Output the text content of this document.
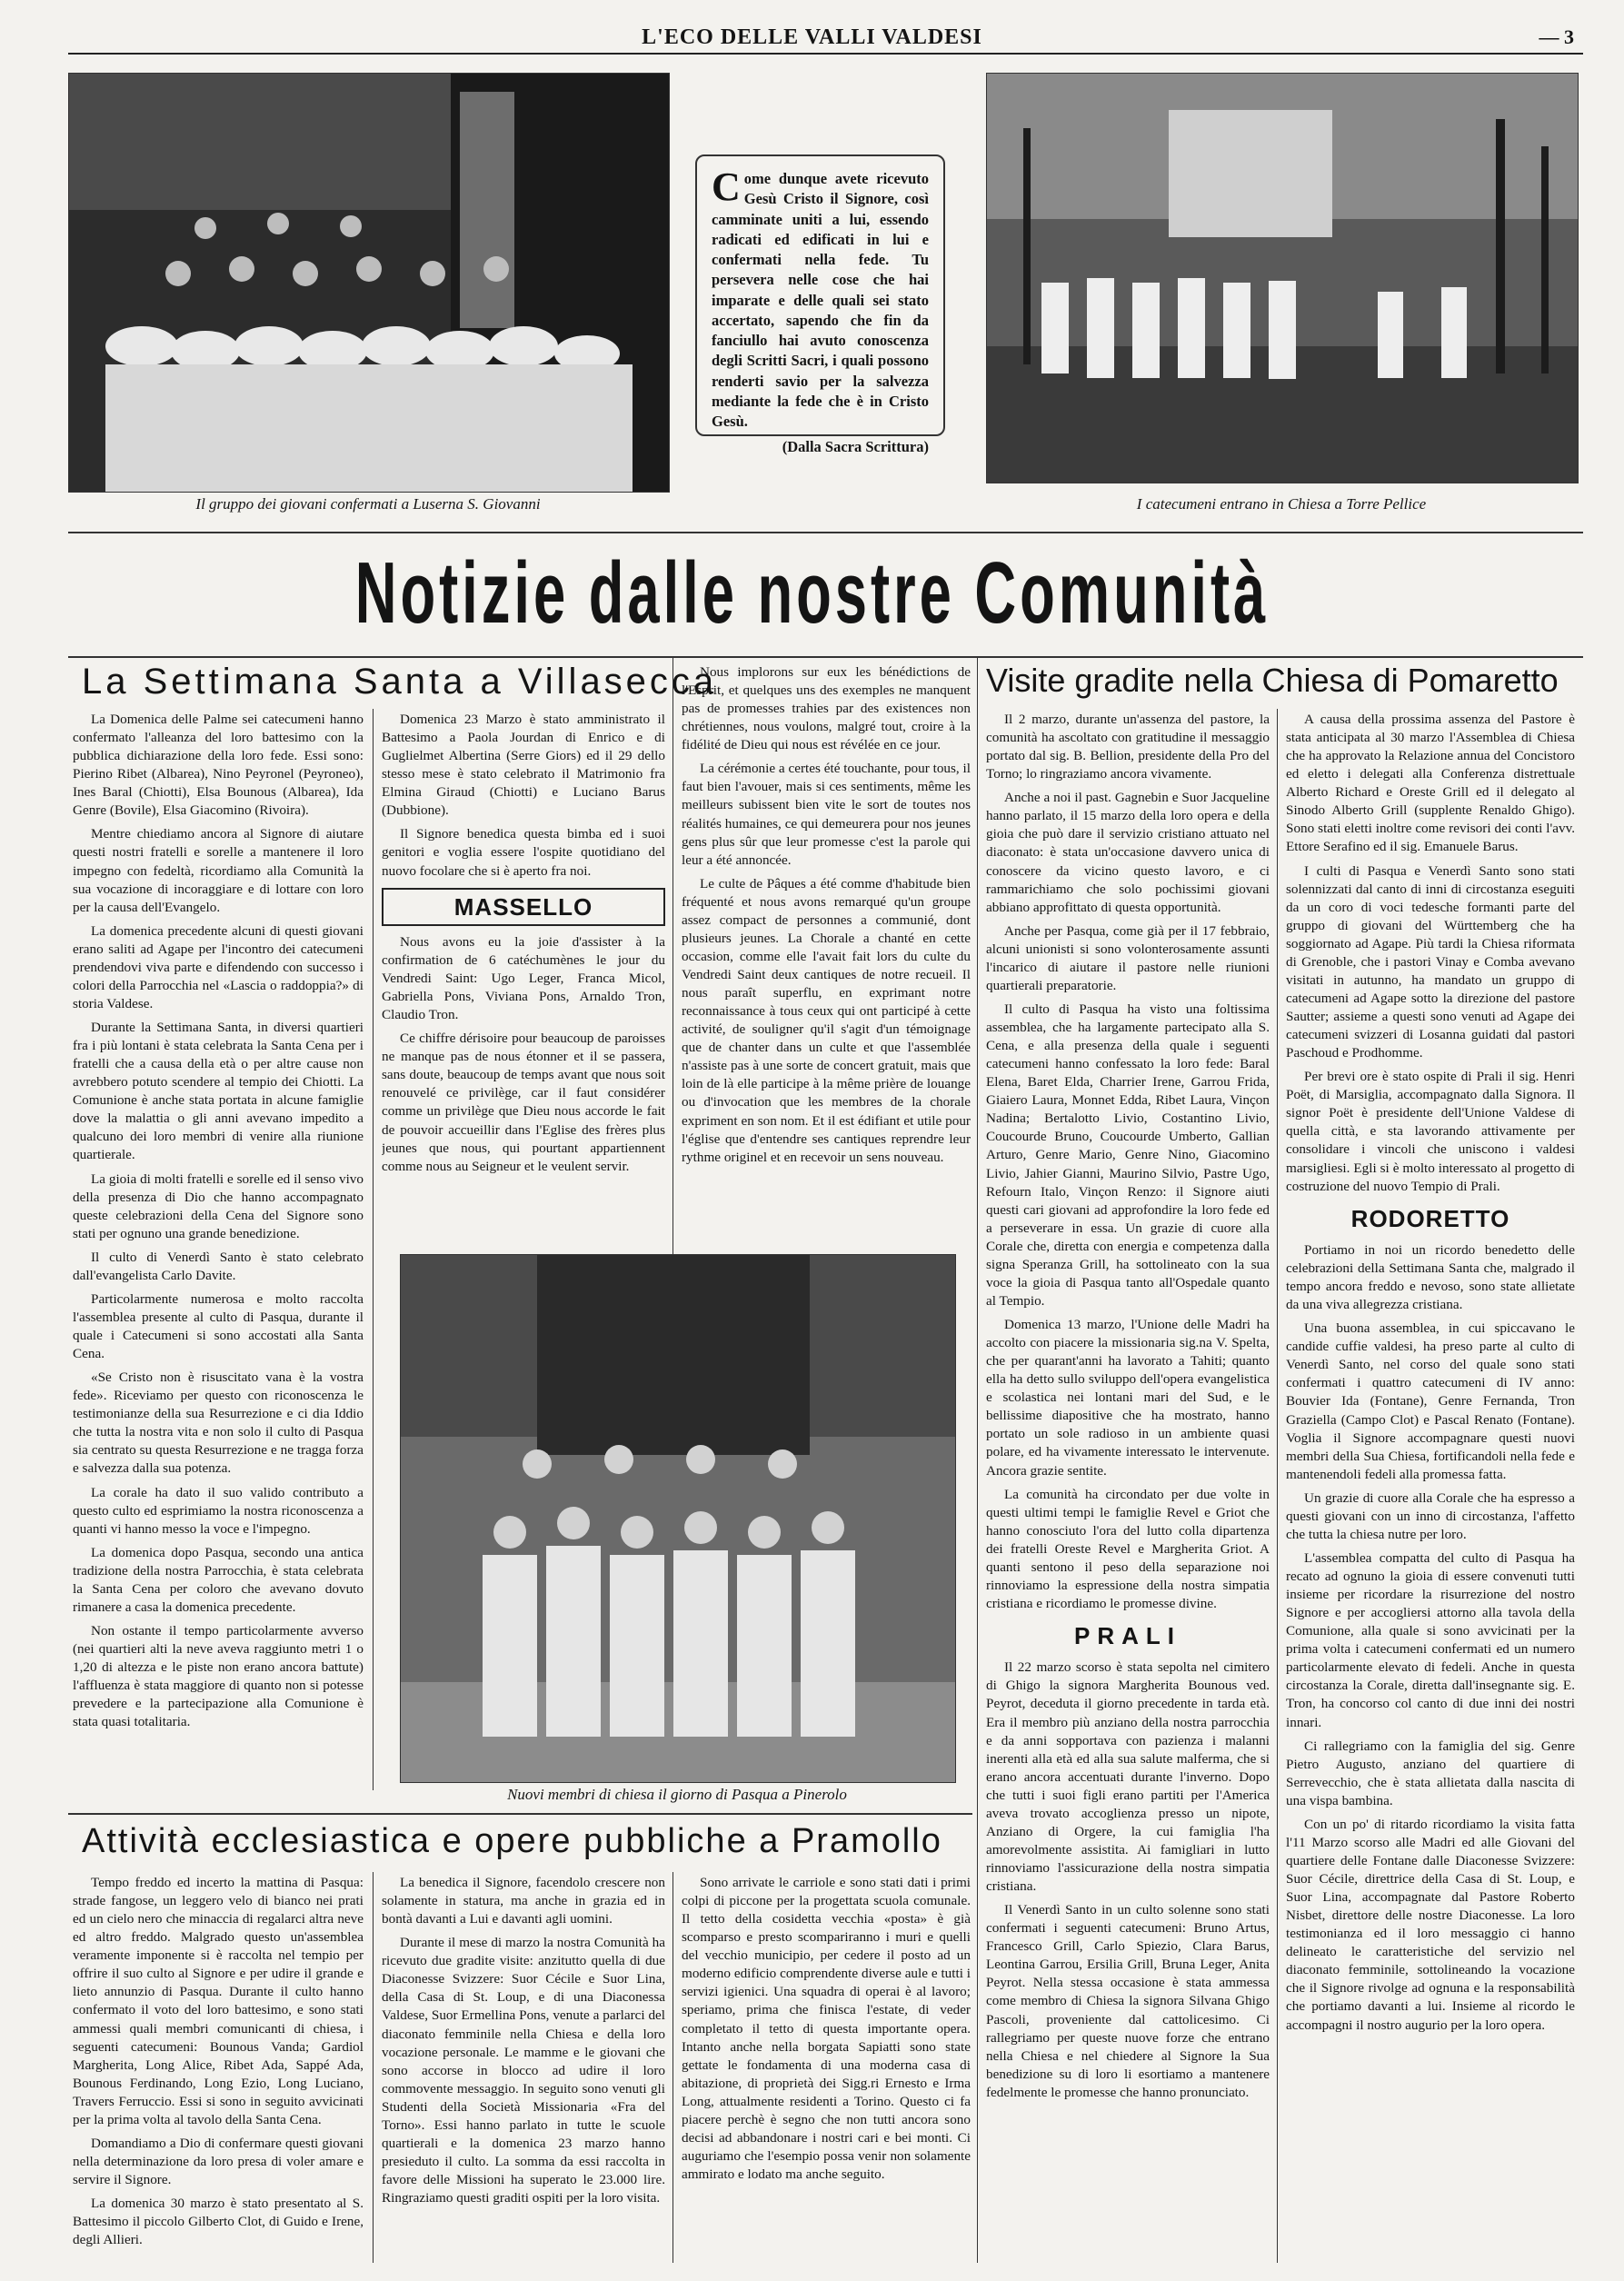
L'ECO DELLE VALLI VALDESI	— 3
Il gruppo dei giovani confermati a Luserna S. Giovanni
C ome dunque avete ricevuto Gesù Cristo il Signore, così camminate uniti a lui, essendo radicati ed edificati in lui e confermati nella fede. Tu persevera nelle cose che hai imparate e delle quali sei stato accertato, sapendo che fin da fanciullo hai avuto conoscenza degli Scritti Sacri, i quali possono renderti savio per la salvezza mediante la fede che è in Cristo Gesù.
(Dalla Sacra Scrittura)
I catecumeni entrano in Chiesa a Torre Pellice
Notizie dalle nostre Comunità
La Settimana Santa a Villasecca	Visite gradite nella Chiesa di Pomaretto

La Domenica delle Palme sei catecumeni hanno confermato l'alleanza del loro battesimo con la pubblica dichiarazione della loro fede. Essi sono: Pierino Ribet (Albarea), Nino Peyronel (Peyroneo), Ines Baral (Chiotti), Elsa Bounous (Albarea), Ida Genre (Bovile), Elsa Giacomino (Rivoira).

Mentre chiediamo ancora al Signore di aiutare questi nostri fratelli e sorelle a mantenere il loro impegno con fedeltà, ricordiamo alla Comunità la sua vocazione di incoraggiare e di lottare con loro per la causa dell'Evangelo.

La domenica precedente alcuni di questi giovani erano saliti ad Agape per l'incontro dei catecumeni prendendovi viva parte e difendendo con successo i colori della Parrocchia nel «Lascia o raddoppia?» di storia Valdese.

Durante la Settimana Santa, in diversi quartieri fra i più lontani è stata celebrata la Santa Cena per i fratelli che a causa della età o per altre cause non avrebbero potuto scendere al tempio dei Chiotti. La Comunione è anche stata portata in alcune famiglie dove la malattia o gli anni avevano impedito a qualcuno dei loro membri di venire alla riunione quartierale.

La gioia di molti fratelli e sorelle ed il senso vivo della presenza di Dio che hanno accompagnato queste celebrazioni della Cena del Signore sono stati per ognuno una grande benedizione.

Il culto di Venerdì Santo è stato celebrato dall'evangelista Carlo Davite.

Particolarmente numerosa e molto raccolta l'assemblea presente al culto di Pasqua, durante il quale i Catecumeni si sono accostati alla Santa Cena.

«Se Cristo non è risuscitato vana è la vostra fede». Riceviamo per questo con riconoscenza le testimonianze della sua Resurrezione e ci dia Iddio che tutta la nostra vita e non solo il culto di Pasqua sia centrato su questa Resurrezione e ne tragga forza e salvezza dalla sua potenza.

La corale ha dato il suo valido contributo a questo culto ed esprimiamo la nostra riconoscenza a quanti vi hanno messo la voce e l'impegno.

La domenica dopo Pasqua, secondo una antica tradizione della nostra Parrocchia, è stata celebrata la Santa Cena per coloro che avevano dovuto rimanere a casa la domenica precedente.

Non ostante il tempo particolarmente avverso (nei quartieri alti la neve aveva raggiunto metri 1 o 1,20 di altezza e le piste non erano ancora battute) l'affluenza è stata maggiore di quanto non si potesse prevedere e la partecipazione alla Comunione è stata quasi totalitaria.

Domenica 23 Marzo è stato amministrato il Battesimo a Paola Jourdan di Enrico e di Guglielmet Albertina (Serre Giors) ed il 29 dello stesso mese è stato celebrato il Matrimonio fra Elmina Giraud (Chiotti) e Luciano Barus (Dubbione).

Il Signore benedica questa bimba ed i suoi genitori e voglia essere l'ospite quotidiano del nuovo focolare che si è aperto fra noi.

MASSELLO

Nous avons eu la joie d'assister à la confirmation de 6 catéchumènes le jour du Vendredi Saint: Ugo Leger, Franca Micol, Gabriella Pons, Viviana Pons, Arnaldo Tron, Claudio Tron.

Ce chiffre dérisoire pour beaucoup de paroisses ne manque pas de nous étonner et il se passera, sans doute, beaucoup de temps avant que nous soit renouvelé ce privilège, car il faut considérer comme un privilège que Dieu nous accorde le fait de pouvoir accueillir dans l'Eglise des frères plus jeunes que nous, qui pourtant appartiennent comme nous au Seigneur et le veulent servir.

Nous implorons sur eux les bénédictions de l'Esprit, et quelques uns des exemples ne manquent pas de promesses trahies par des existences non chrétiennes, nous voulons, malgré tout, croire à la fidélité de Dieu qui nous est révélée en ce jour.

La cérémonie a certes été touchante, pour tous, il faut bien l'avouer, mais si ces sentiments, même les meilleurs subissent bien vite le sort de toutes nos réalités humaines, ce qui demeurera pour nos jeunes gens plus sûr que leur promesse c'est la parole qui leur a été annoncée.

Le culte de Pâques a été comme d'habitude bien fréquenté et nous avons remarqué qu'un groupe assez compact de personnes a communié, dont plusieurs jeunes. La Chorale a chanté en cette occasion, comme elle l'avait fait lors du culte du Vendredi Saint deux cantiques de notre recueil. Il nous paraît superflu, en exprimant notre reconnaissance à tous ceux qui ont participé à cette activité, de souligner qu'il s'agit d'un témoignage que de chanter dans un culte et que l'assemblée n'assiste pas à une sorte de concert gratuit, mais que loin de là elle participe à la même prière de louange ou d'invocation que les membres de la chorale expriment en son nom. Et il est édifiant et utile pour l'église que d'entendre ses cantiques reprendre leur rythme originel et en recevoir un sens nouveau.

Nuovi membri di chiesa il giorno di Pasqua a Pinerolo

Il 2 marzo, durante un'assenza del pastore, la comunità ha ascoltato con gratitudine il messaggio portato dal sig. B. Bellion, presidente della Pro del Torno; lo ringraziamo ancora vivamente.

Anche a noi il past. Gagnebin e Suor Jacqueline hanno parlato, il 15 marzo della loro opera e della gioia che può dare il servizio cristiano attuato nel diaconato: è stata un'occasione davvero unica di conoscere da vicino questo lavoro, e ci rammarichiamo che solo pochissimi giovani abbiano approfittato di questa opportunità.

Anche per Pasqua, come già per il 17 febbraio, alcuni unionisti si sono volonterosamente assunti l'incarico di aiutare il pastore nelle riunioni quartierali preparatorie.

Il culto di Pasqua ha visto una foltissima assemblea, che ha largamente partecipato alla S. Cena, e alla presenza della quale i seguenti catecumeni hanno confessato la loro fede: Baral Elena, Baret Elda, Charrier Irene, Garrou Frida, Giaiero Laura, Monnet Edda, Ribet Laura, Vinçon Nadina; Bertalotto Livio, Costantino Livio, Coucourde Bruno, Coucourde Umberto, Gallian Arturo, Genre Mario, Genre Nino, Giacomino Livio, Jahier Gianni, Maurino Silvio, Pastre Ugo, Refourn Italo, Vinçon Renzo: il Signore aiuti questi cari giovani ad approfondire la loro fede ed a perseverare in essa. Un grazie di cuore alla Corale che, diretta con energia e competenza dalla signa Speranza Grill, ha sottolineato con la sua voce la gioia di Pasqua tanto all'Ospedale quanto al Tempio.

Domenica 13 marzo, l'Unione delle Madri ha accolto con piacere la missionaria sig.na V. Spelta, che per quarant'anni ha lavorato a Tahiti; quanto ella ha detto sullo sviluppo dell'opera evangelistica e scolastica nei lontani mari del Sud, e le bellissime diapositive che ha mostrato, hanno portato un sole radioso in un ambiente quasi polare, ed ha vivamente interessato le intervenute. Ancora grazie sentite.

La comunità ha circondato per due volte in questi ultimi tempi le famiglie Revel e Griot che hanno conosciuto l'ora del lutto colla dipartenza dei fratelli Oreste Revel e Margherita Griot. A quanti sentono il peso della separazione noi rinnoviamo la espressione della nostra simpatia cristiana e ricordiamo le promesse divine.

PRALI

Il 22 marzo scorso è stata sepolta nel cimitero di Ghigo la signora Margherita Bounous ved. Peyrot, deceduta il giorno precedente in tarda età. Era il membro più anziano della nostra parrocchia e da anni sopportava con pazienza i malanni inerenti alla età ed alla sua salute malferma, che si erano ancora accentuati durante l'inverno. Dopo che tutti i suoi figli erano partiti per l'America aveva trovato accoglienza presso un nipote, Anziano di Orgere, la cui famiglia l'ha amorevolmente assistita. Ai famigliari in lutto rinnoviamo l'assicurazione della nostra simpatia cristiana.

Il Venerdì Santo in un culto solenne sono stati confermati i seguenti catecumeni: Bruno Artus, Francesco Grill, Carlo Spiezio, Clara Barus, Leontina Garrou, Ersilia Grill, Bruna Leger, Anita Peyrot. Nella stessa occasione è stata ammessa come membro di Chiesa la signora Silvana Ghigo Pascoli, proveniente dal cattolicesimo. Ci rallegriamo per queste nuove forze che entrano nella Chiesa e nel chiedere al Signore la Sua benedizione su di loro li esortiamo a mantenere fedelmente le promesse che hanno pronunciato.

A causa della prossima assenza del Pastore è stata anticipata al 30 marzo l'Assemblea di Chiesa che ha approvato la Relazione annua del Concistoro ed eletto i delegati alla Conferenza distrettuale Alberto Richard e Oreste Grill ed il delegato al Sinodo Alberto Grill (supplente Renaldo Ghigo). Sono stati eletti inoltre come revisori dei conti l'avv. Ettore Serafino ed il sig. Emanuele Barus.

I culti di Pasqua e Venerdì Santo sono stati solennizzati dal canto di inni di circostanza eseguiti da un coro di voci tedesche formanti parte del gruppo di giovani del Württemberg che ha soggiornato ad Agape. Più tardi la Chiesa riformata di Grenoble, che i pastori Vinay e Comba avevano visitati in autunno, ha mandato un gruppo di catecumeni ad Agape sotto la direzione del pastore Sautter; assieme a questi sono venuti ad Agape dei catecumeni svizzeri di Losanna guidati dal pastori Paschoud e Prodhomme.

Per brevi ore è stato ospite di Prali il sig. Henri Poët, di Marsiglia, accompagnato dalla Signora. Il signor Poët è presidente dell'Unione Valdese di quella città, e sta lavorando attivamente per consolidare i vincoli che uniscono i valdesi marsigliesi. Egli si è molto interessato al progetto di costruzione del nuovo Tempio di Prali.

RODORETTO

Portiamo in noi un ricordo benedetto delle celebrazioni della Settimana Santa che, malgrado il tempo ancora freddo e nevoso, sono state allietate da una viva allegrezza cristiana.

Una buona assemblea, in cui spiccavano le candide cuffie valdesi, ha preso parte al culto di Venerdì Santo, nel corso del quale sono stati confermati i quattro catecumeni di IV anno: Bouvier Ida (Fontane), Genre Fernanda, Tron Graziella (Campo Clot) e Pascal Renato (Fontane). Voglia il Signore accompagnare questi nuovi membri della Sua Chiesa, fortificandoli nella fede e mantenendoli fedeli alla promessa fatta.

Un grazie di cuore alla Corale che ha espresso a questi giovani con un inno di circostanza, l'affetto che tutta la chiesa nutre per loro.

L'assemblea compatta del culto di Pasqua ha recato ad ognuno la gioia di essere convenuti tutti insieme per ricordare la risurrezione del nostro Signore e per accogliersi attorno alla tavola della Comunione, alla quale si sono avvicinati per la prima volta i catecumeni confermati ed un numero particolarmente elevato di fedeli. Anche in questa circostanza la Corale, diretta dall'insegnante sig. E. Tron, ha concorso col canto di due inni dei nostri innari.

Ci rallegriamo con la famiglia del sig. Genre Pietro Augusto, anziano del quartiere di Serrevecchio, che è stata allietata dalla nascita di una vispa bambina.

Con un po' di ritardo ricordiamo la visita fatta l'11 Marzo scorso alle Madri ed alle Giovani del quartiere delle Fontane dalle Diaconesse Svizzere: Suor Cécile, direttrice della Casa di St. Loup, e Suor Lina, accompagnate dal Pastore Roberto Nisbet, direttore delle nostre Diaconesse. La loro testimonianza ed il loro messaggio ci hanno delineato le caratteristiche del servizio nel diaconato femminile, sottolineando la vocazione che il Signore rivolge ad ognuna e la responsabilità che portiamo davanti a lui. Insieme al ricordo le accompagni il nostro augurio per la loro opera.

Attività ecclesiastica e opere pubbliche a Pramollo

Tempo freddo ed incerto la mattina di Pasqua: strade fangose, un leggero velo di bianco nei prati ed un cielo nero che minaccia di regalarci altra neve ed altro freddo. Malgrado questo un'assemblea veramente imponente si è raccolta nel tempio per offrire il suo culto al Signore e per udire il grande e lieto annunzio di Pasqua. Durante il culto hanno confermato il voto del loro battesimo, e sono stati ammessi quali membri comunicanti di chiesa, i seguenti catecumeni: Bounous Vanda; Gardiol Margherita, Long Alice, Ribet Ada, Sappé Ada, Bounous Ferdinando, Long Ezio, Long Luciano, Travers Ferruccio. Essi si sono in seguito avvicinati per la prima volta al tavolo della Santa Cena.

Domandiamo a Dio di confermare questi giovani nella determinazione da loro presa di voler amare e servire il Signore.

La domenica 30 marzo è stato presentato al S. Battesimo il piccolo Gilberto Clot, di Guido e Irene, degli Allieri.

La benedica il Signore, facendolo crescere non solamente in statura, ma anche in grazia ed in bontà davanti a Lui e davanti agli uomini.

Durante il mese di marzo la nostra Comunità ha ricevuto due gradite visite: anzitutto quella di due Diaconesse Svizzere: Suor Cécile e Suor Lina, della Casa di St. Loup, e di una Diaconessa Valdese, Suor Ermellina Pons, venute a parlarci del diaconato femminile nella Chiesa e della loro vocazione personale. Le mamme e le giovani che sono accorse in blocco ad udire il loro commovente messaggio. In seguito sono venuti gli Studenti della Società Missionaria «Fra del Torno». Essi hanno parlato in tutte le scuole quartierali e la domenica 23 marzo hanno presieduto il culto. La somma da essi raccolta in favore delle Missioni ha superato le 23.000 lire. Ringraziamo questi graditi ospiti per la loro visita.

Sono arrivate le carriole e sono stati dati i primi colpi di piccone per la progettata scuola comunale. Il tetto della cosidetta vecchia «posta» è già scomparso e presto scompariranno i muri e quelli del vecchio municipio, per cedere il posto ad un moderno edificio comprendente diverse aule e tutti i servizi igienici. Una squadra di operai è al lavoro; speriamo, prima che finisca l'estate, di veder completato il tetto di questa importante opera. Intanto anche nella borgata Sapiatti sono state gettate le fondamenta di una moderna casa di abitazione, di proprietà dei Sigg.ri Ernesto e Irma Long, attualmente residenti a Torino. Questo ci fa piacere perchè è segno che non tutti ancora sono decisi ad abbandonare i nostri cari e bei monti. Ci auguriamo che l'esempio possa venir non solamente ammirato e lodato ma anche seguito.
